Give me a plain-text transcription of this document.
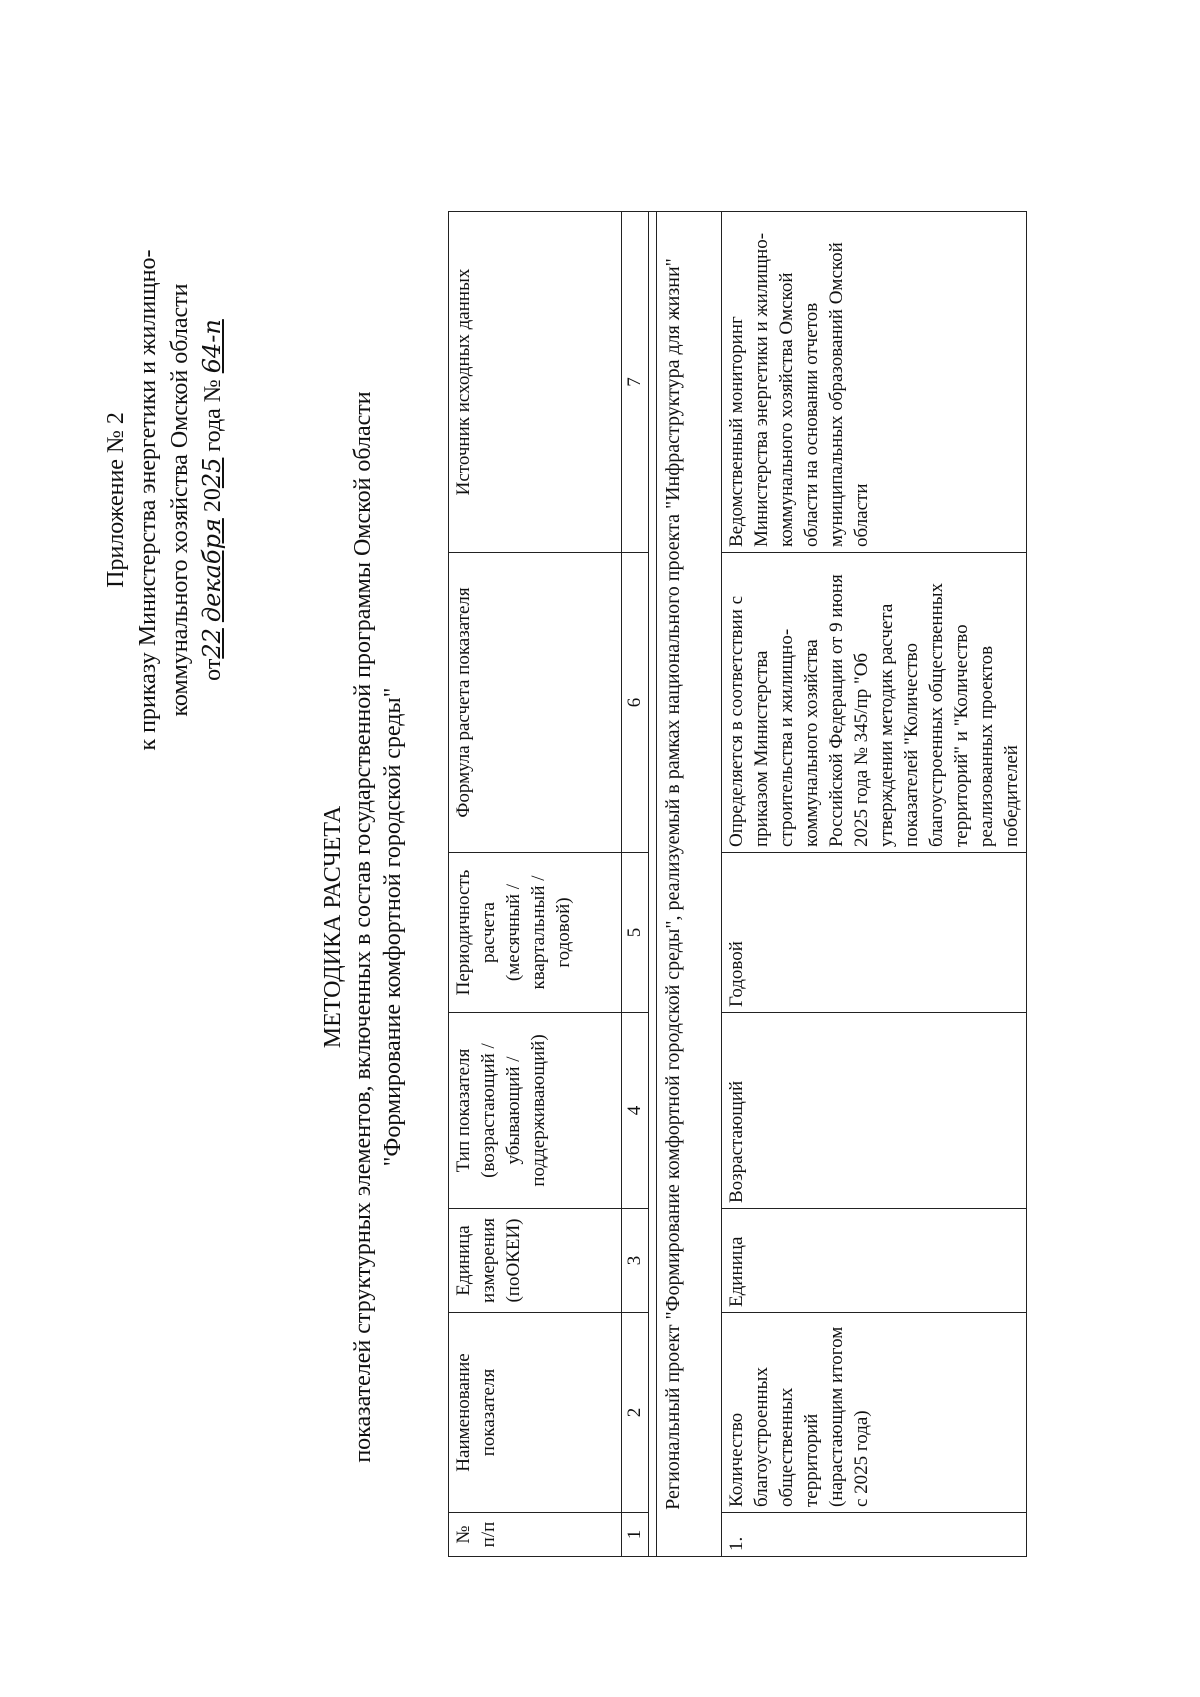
Приложение № 2 к приказу Министерства энергетики и жилищно- коммунального хозяйства Омской области от22 декабря 2025 года № 64-п
МЕТОДИКА РАСЧЕТА показателей структурных элементов, включенных в состав государственной программы Омской области "Формирование комфортной городской среды"
№ п/п	Наименование показателя	Единица измерения (поОКЕИ)	Тип показателя (возрастающий / убывающий / поддерживающий)	Периодичность расчета (месячный / квартальный / годовой)	Формула расчета показателя	Источник исходных данных
1	2	3	4	5	6	7

Региональный проект "Формирование комфортной городской среды", реализуемый в рамках национального проекта "Инфраструктура для жизни"						
1.	Количество благоустроенных общественных территорий (нарастающим итогом с 2025 года)	Единица	Возрастающий	Годовой	Определяется в соответствии с приказом Министерства строительства и жилищно-коммунального хозяйства Российской Федерации от 9 июня 2025 года № 345/пр "Об утверждении методик расчета показателей "Количество благоустроенных общественных территорий" и "Количество реализованных проектов победителей	Ведомственный мониторинг Министерства энергетики и жилищно-коммунального хозяйства Омской области на основании отчетов муниципальных образований Омской области
